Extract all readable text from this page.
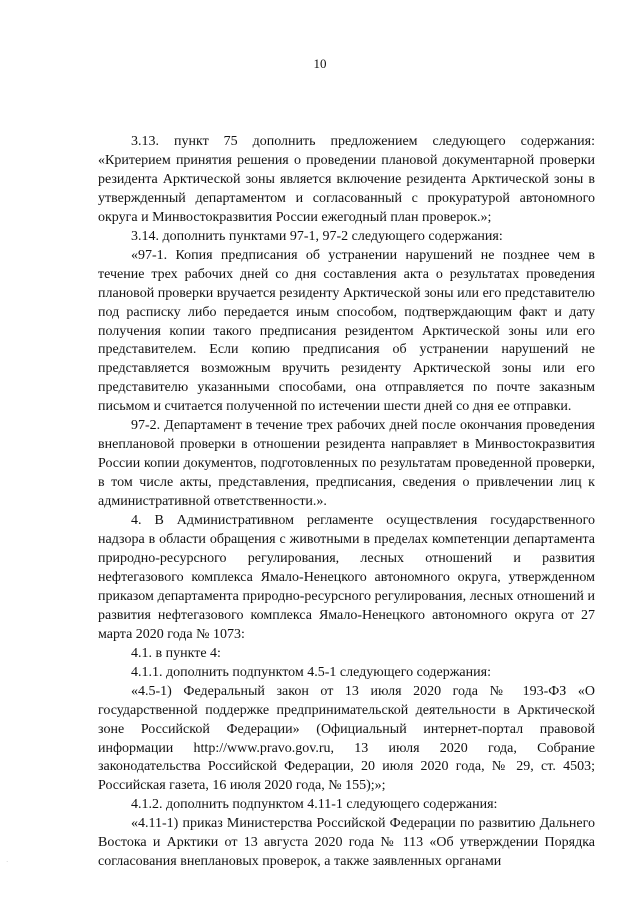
10

3.13. пункт 75 дополнить предложением следующего содержания: «Критерием принятия решения о проведении плановой документарной проверки резидента Арктической зоны является включение резидента Арктической зоны в утвержденный департаментом и согласованный с прокуратурой автономного округа и Минвостокразвития России ежегодный план проверок.»;

3.14. дополнить пунктами 97-1, 97-2 следующего содержания:

«97-1. Копия предписания об устранении нарушений не позднее чем в течение трех рабочих дней со дня составления акта о результатах проведения плановой проверки вручается резиденту Арктической зоны или его представителю под расписку либо передается иным способом, подтверждающим факт и дату получения копии такого предписания резидентом Арктической зоны или его представителем. Если копию предписания об устранении нарушений не представляется возможным вручить резиденту Арктической зоны или его представителю указанными способами, она отправляется по почте заказным письмом и считается полученной по истечении шести дней со дня ее отправки.

97-2. Департамент в течение трех рабочих дней после окончания проведения внеплановой проверки в отношении резидента направляет в Минвостокразвития России копии документов, подготовленных по результатам проведенной проверки, в том числе акты, представления, предписания, сведения о привлечении лиц к административной ответственности.».

4. В Административном регламенте осуществления государственного надзора в области обращения с животными в пределах компетенции департамента природно-ресурсного регулирования, лесных отношений и развития нефтегазового комплекса Ямало-Ненецкого автономного округа, утвержденном приказом департамента природно-ресурсного регулирования, лесных отношений и развития нефтегазового комплекса Ямало-Ненецкого автономного округа от 27 марта 2020 года № 1073:

4.1. в пункте 4:

4.1.1. дополнить подпунктом 4.5-1 следующего содержания:

«4.5-1) Федеральный закон от 13 июля 2020 года № 193-ФЗ «О государственной поддержке предпринимательской деятельности в Арктической зоне Российской Федерации» (Официальный интернет-портал правовой информации http://www.pravo.gov.ru, 13 июля 2020 года, Собрание законодательства Российской Федерации, 20 июля 2020 года, № 29, ст. 4503; Российская газета, 16 июля 2020 года, № 155);»;

4.1.2. дополнить подпунктом 4.11-1 следующего содержания:

«4.11-1) приказ Министерства Российской Федерации по развитию Дальнего Востока и Арктики от 13 августа 2020 года № 113 «Об утверждении Порядка согласования внеплановых проверок, а также заявленных органами

·
